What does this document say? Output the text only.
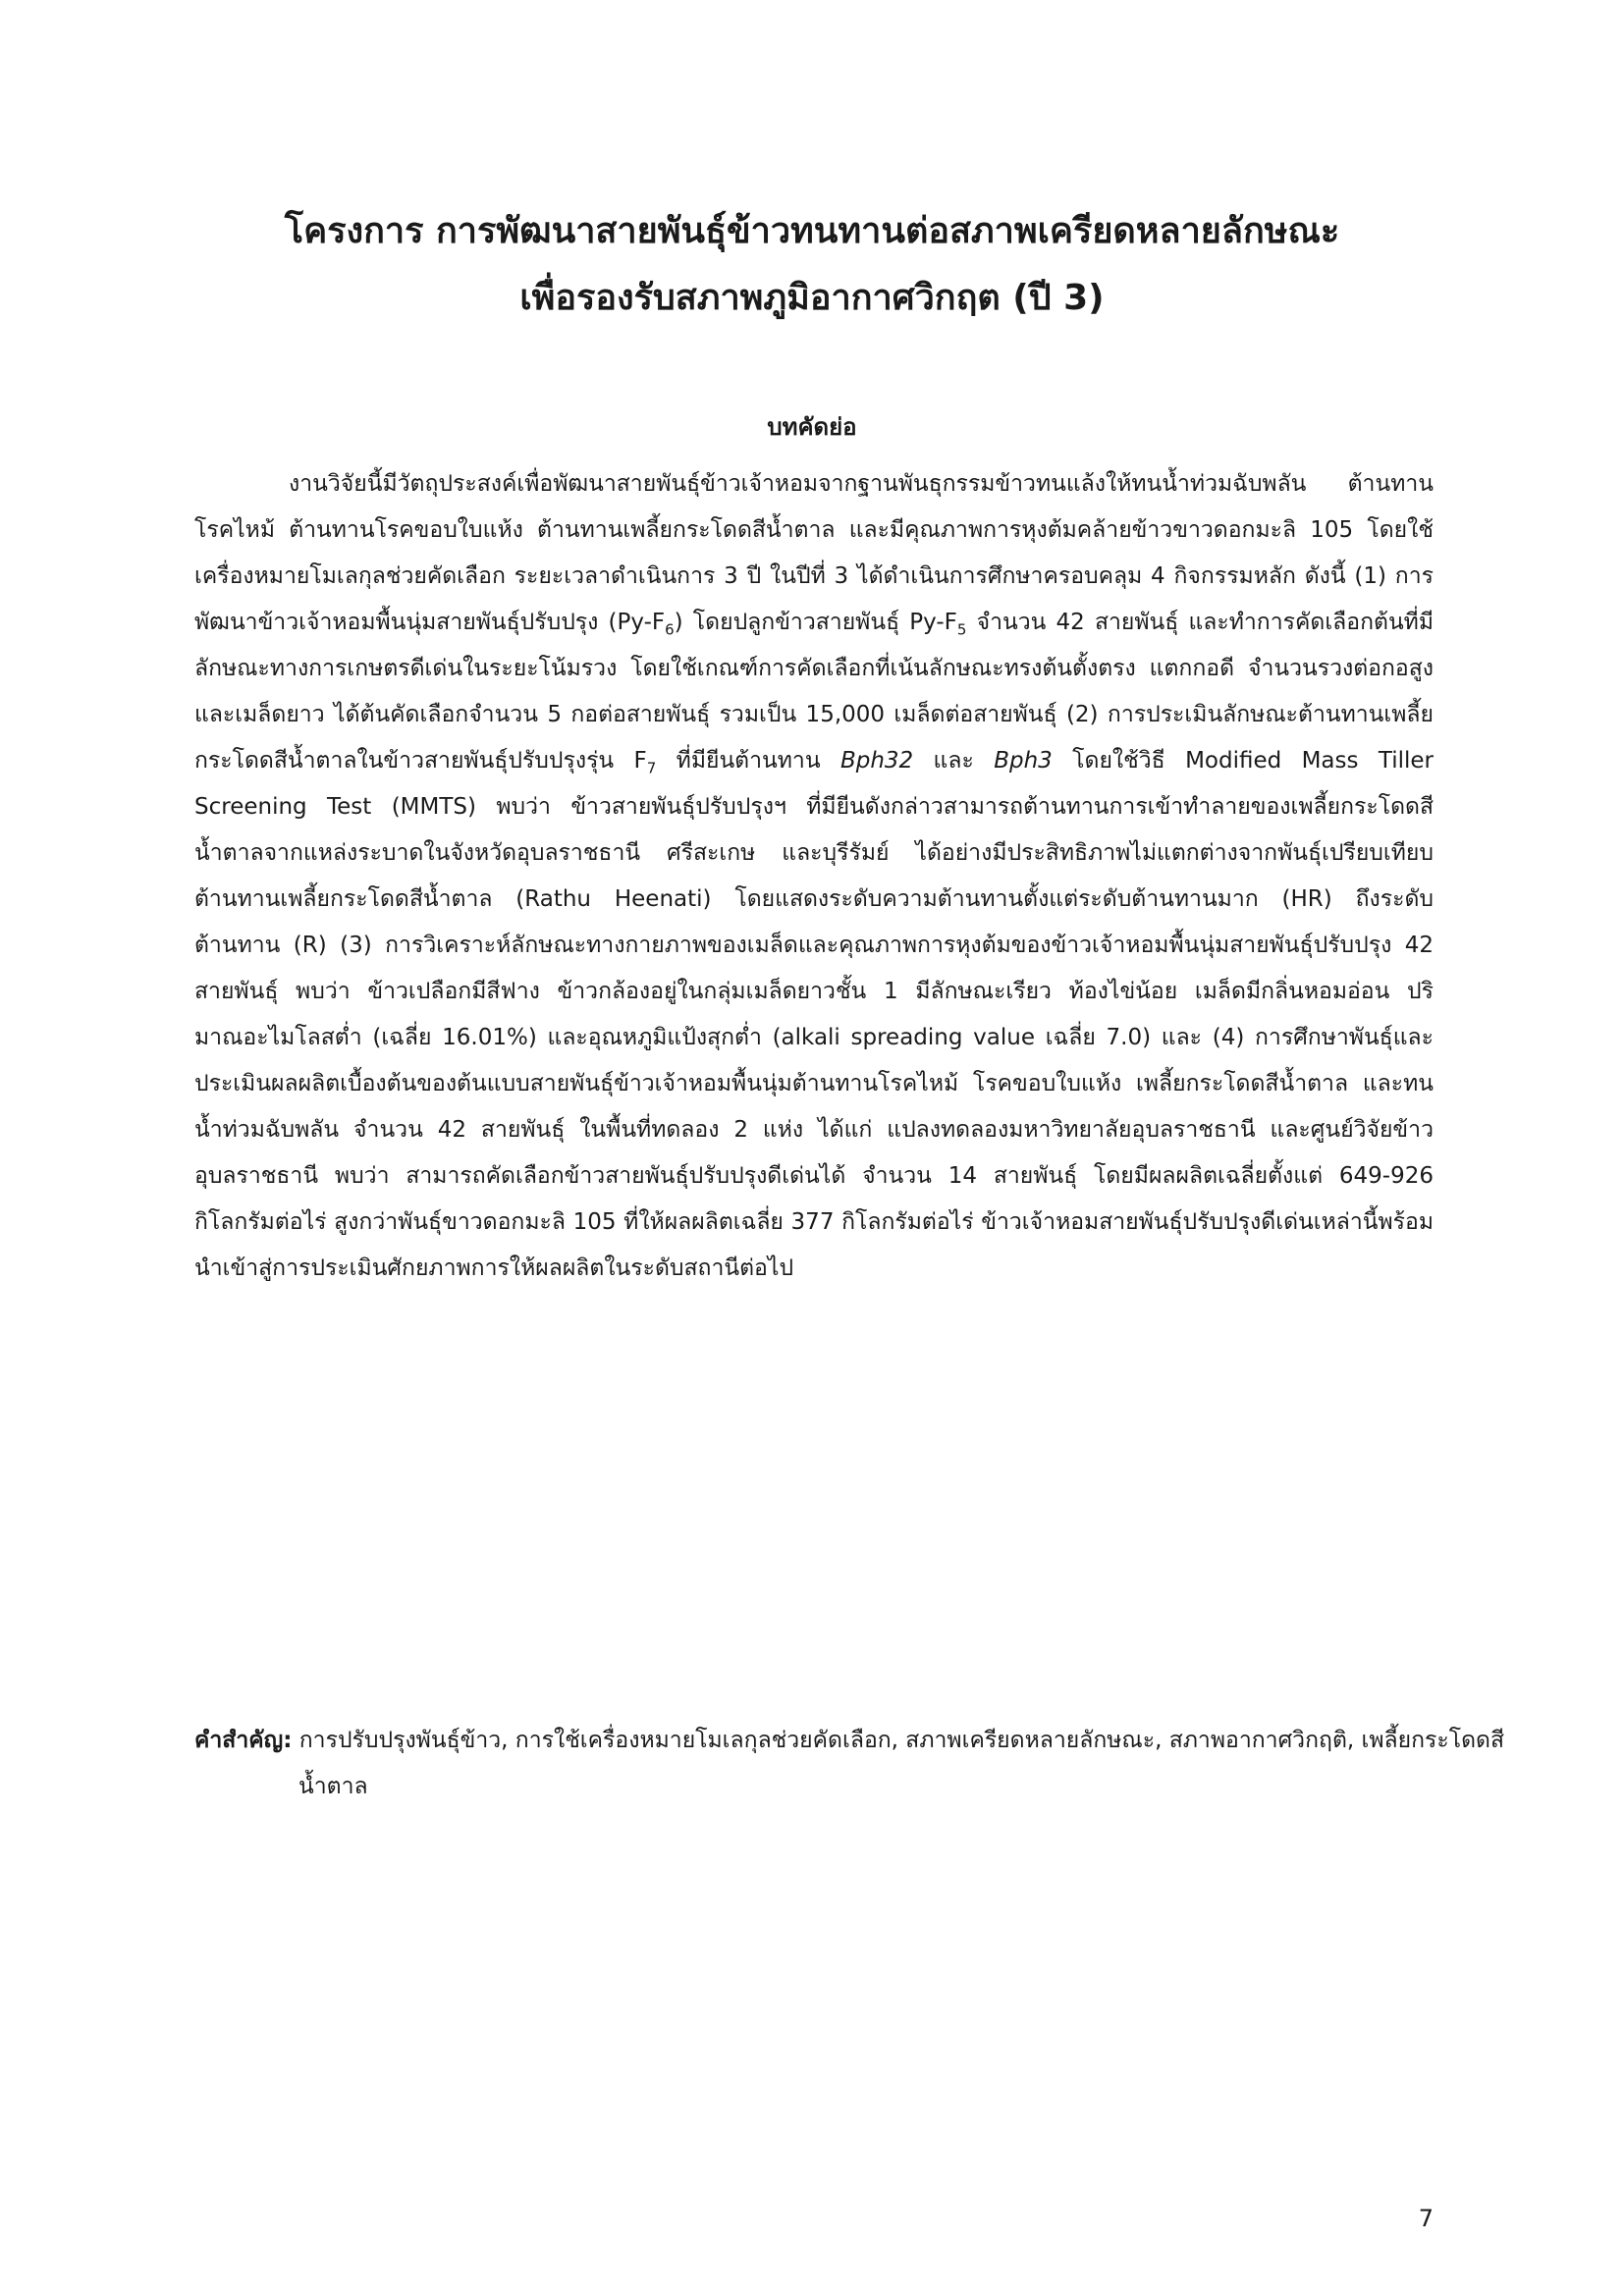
โครงการ การพัฒนาสายพันธุ์ข้าวทนทานต่อสภาพเครียดหลายลักษณะ

เพื่อรองรับสภาพภูมิอากาศวิกฤต (ปี 3)

บทคัดย่อ

งานวิจัยนี้มีวัตถุประสงค์เพื่อพัฒนาสายพันธุ์ข้าวเจ้าหอมจากฐานพันธุกรรมข้าวทนแล้งให้ทนน้ำท่วมฉับพลัน ต้านทานโรคไหม้ ต้านทานโรคขอบใบแห้ง ต้านทานเพลี้ยกระโดดสีน้ำตาล และมีคุณภาพการหุงต้มคล้ายข้าวขาวดอกมะลิ 105 โดยใช้เครื่องหมายโมเลกุลช่วยคัดเลือก ระยะเวลาดำเนินการ 3 ปี ในปีที่ 3 ได้ดำเนินการศึกษาครอบคลุม 4 กิจกรรมหลัก ดังนี้ (1) การพัฒนาข้าวเจ้าหอมพื้นนุ่มสายพันธุ์ปรับปรุง $(Py-F_6)$ โดยปลูกข้าวสายพันธุ์ $Py-F_5$ จำนวน 42 สายพันธุ์ และทำการคัดเลือกต้นที่มีลักษณะทางการเกษตรดีเด่นในระยะโน้มรวง โดยใช้เกณฑ์การคัดเลือกที่เน้นลักษณะทรงต้นตั้งตรง แตกกอดี จำนวนรวงต่อกอสูง และเมล็ดยาว ได้ต้นคัดเลือกจำนวน 5 กอต่อสายพันธุ์ รวมเป็น 15,000 เมล็ดต่อสายพันธุ์ (2) การประเมินลักษณะต้านทานเพลี้ยกระโดดสีน้ำตาลในข้าวสายพันธุ์ปรับปรุงรุ่น $F_7$ ที่มียีนต้านทาน Bph32 และ Bph3 โดยใช้วิธี Modified Mass Tiller Screening Test (MMTS) พบว่า ข้าวสายพันธุ์ปรับปรุงฯ ที่มียีนดังกล่าวสามารถต้านทานการเข้าทำลายของเพลี้ยกระโดดสีน้ำตาลจากแหล่งระบาดในจังหวัดอุบลราชธานี ศรีสะเกษ และบุรีรัมย์ ได้อย่างมีประสิทธิภาพไม่แตกต่างจากพันธุ์เปรียบเทียบต้านทานเพลี้ยกระโดดสีน้ำตาล (Rathu Heenati) โดยแสดงระดับความต้านทานตั้งแต่ระดับต้านทานมาก (HR) ถึงระดับต้านทาน (R) (3) การวิเคราะห์ลักษณะทางกายภาพของเมล็ดและคุณภาพการหุงต้มของข้าวเจ้าหอมพื้นนุ่มสายพันธุ์ปรับปรุง 42 สายพันธุ์ พบว่า ข้าวเปลือกมีสีฟาง ข้าวกล้องอยู่ในกลุ่มเมล็ดยาวชั้น 1 มีลักษณะเรียว ท้องไข่น้อย เมล็ดมีกลิ่นหอมอ่อน ปริมาณอะไมโลสต่ำ (เฉลี่ย 16.01%) และอุณหภูมิแป้งสุกต่ำ (alkali spreading value เฉลี่ย 7.0) และ (4) การศึกษาพันธุ์และประเมินผลผลิตเบื้องต้นของต้นแบบสายพันธุ์ข้าวเจ้าหอมพื้นนุ่มต้านทานโรคไหม้ โรคขอบใบแห้ง เพลี้ยกระโดดสีน้ำตาล และทนน้ำท่วมฉับพลัน จำนวน 42 สายพันธุ์ ในพื้นที่ทดลอง 2 แห่ง ได้แก่ แปลงทดลองมหาวิทยาลัยอุบลราชธานี และศูนย์วิจัยข้าวอุบลราชธานี พบว่า สามารถคัดเลือกข้าวสายพันธุ์ปรับปรุงดีเด่นได้ จำนวน 14 สายพันธุ์ โดยมีผลผลิตเฉลี่ยตั้งแต่ 649-926 กิโลกรัมต่อไร่ สูงกว่าพันธุ์ขาวดอกมะลิ 105 ที่ให้ผลผลิตเฉลี่ย 377 กิโลกรัมต่อไร่ ข้าวเจ้าหอมสายพันธุ์ปรับปรุงดีเด่นเหล่านี้พร้อมนำเข้าสู่การประเมินศักยภาพการให้ผลผลิตในระดับสถานีต่อไป

คำสำคัญ: การปรับปรุงพันธุ์ข้าว, การใช้เครื่องหมายโมเลกุลช่วยคัดเลือก, สภาพเครียดหลายลักษณะ, สภาพอากาศวิกฤติ, เพลี้ยกระโดดสีน้ำตาล

7
